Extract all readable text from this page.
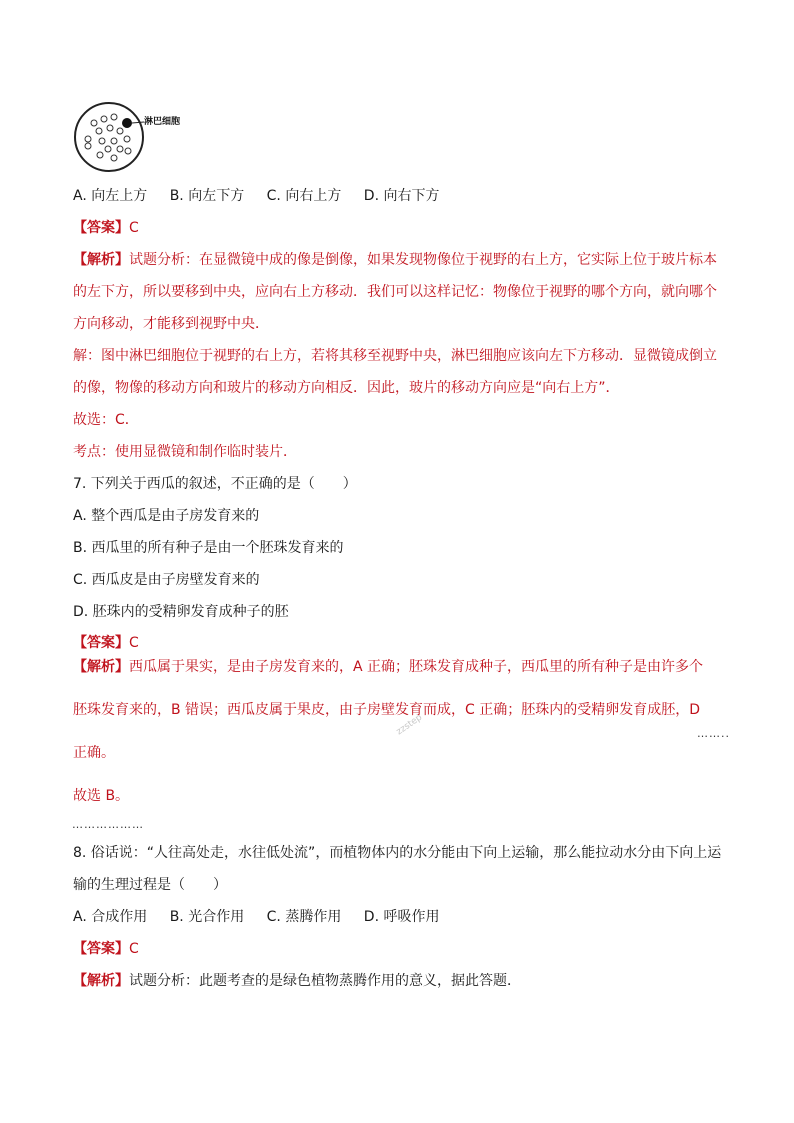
淋巴细胞
A. 向左上方 B. 向左下方 C. 向右上方 D. 向右下方
【答案】C
【解析】试题分析：在显微镜中成的像是倒像，如果发现物像位于视野的右上方，它实际上位于玻片标本
的左下方，所以要移到中央，应向右上方移动．我们可以这样记忆：物像位于视野的哪个方向，就向哪个
方向移动，才能移到视野中央．
解：图中淋巴细胞位于视野的右上方，若将其移至视野中央，淋巴细胞应该向左下方移动．显微镜成倒立
的像，物像的移动方向和玻片的移动方向相反．因此，玻片的移动方向应是“向右上方”．
故选：C．
考点：使用显微镜和制作临时装片．
7. 下列关于西瓜的叙述，不正确的是（　　）
A. 整个西瓜是由子房发育来的
B. 西瓜里的所有种子是由一个胚珠发育来的
C. 西瓜皮是由子房壁发育来的
D. 胚珠内的受精卵发育成种子的胚
【答案】C
【解析】西瓜属于果实，是由子房发育来的，A 正确；胚珠发育成种子，西瓜里的所有种子是由许多个
胚珠发育来的，B 错误；西瓜皮属于果皮，由子房壁发育而成，C 正确；胚珠内的受精卵发育成胚，D
正确。
故选 B。
……..
………………
zzstep
8. 俗话说：“人往高处走，水往低处流”，而植物体内的水分能由下向上运输，那么能拉动水分由下向上运
输的生理过程是（　　）
A. 合成作用 B. 光合作用 C. 蒸腾作用 D. 呼吸作用
【答案】C
【解析】试题分析：此题考查的是绿色植物蒸腾作用的意义，据此答题．
